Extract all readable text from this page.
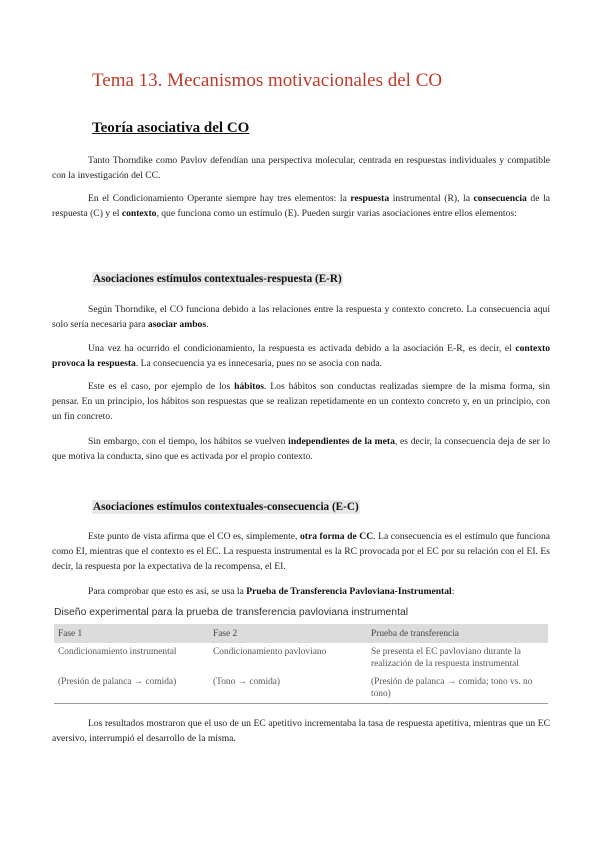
Tema 13. Mecanismos motivacionales del CO
Teoría asociativa del CO

Tanto Thorndike como Pavlov defendían una perspectiva molecular, centrada en respuestas individuales y compatible con la investigación del CC.

En el Condicionamiento Operante siempre hay tres elementos: la respuesta instrumental (R), la consecuencia de la respuesta (C) y el contexto, que funciona como un estímulo (E). Pueden surgir varias asociaciones entre ellos elementos:

Asociaciones estímulos contextuales-respuesta (E-R)

Según Thorndike, el CO funciona debido a las relaciones entre la respuesta y contexto concreto. La consecuencia aquí solo sería necesaria para asociar ambos.

Una vez ha ocurrido el condicionamiento, la respuesta es activada debido a la asociación E-R, es decir, el contexto provoca la respuesta. La consecuencia ya es innecesaria, pues no se asocia con nada.

Este es el caso, por ejemplo de los hábitos. Los hábitos son conductas realizadas siempre de la misma forma, sin pensar. En un principio, los hábitos son respuestas que se realizan repetidamente en un contexto concreto y, en un principio, con un fin concreto.

Sin embargo, con el tiempo, los hábitos se vuelven independientes de la meta, es decir, la consecuencia deja de ser lo que motiva la conducta, sino que es activada por el propio contexto.

Asociaciones estímulos contextuales-consecuencia (E-C)

Este punto de vista afirma que el CO es, simplemente, otra forma de CC. La consecuencia es el estímulo que funciona como EI, mientras que el contexto es el EC. La respuesta instrumental es la RC provocada por el EC por su relación con el EI. Es decir, la respuesta por la expectativa de la recompensa, el EI.

Para comprobar que esto es así, se usa la Prueba de Transferencia Pavloviana-Instrumental:

Diseño experimental para la prueba de transferencia pavloviana instrumental
Fase 1	Fase 2	Prueba de transferencia
Condicionamiento instrumental	Condicionamiento pavloviano	Se presenta el EC pavloviano durante la realización de la respuesta instrumental
(Presión de palanca → comida)	(Tono → comida)	(Presión de palanca → comida; tono vs. no tono)

Los resultados mostraron que el uso de un EC apetitivo incrementaba la tasa de respuesta apetitiva, mientras que un EC aversivo, interrumpió el desarrollo de la misma.
